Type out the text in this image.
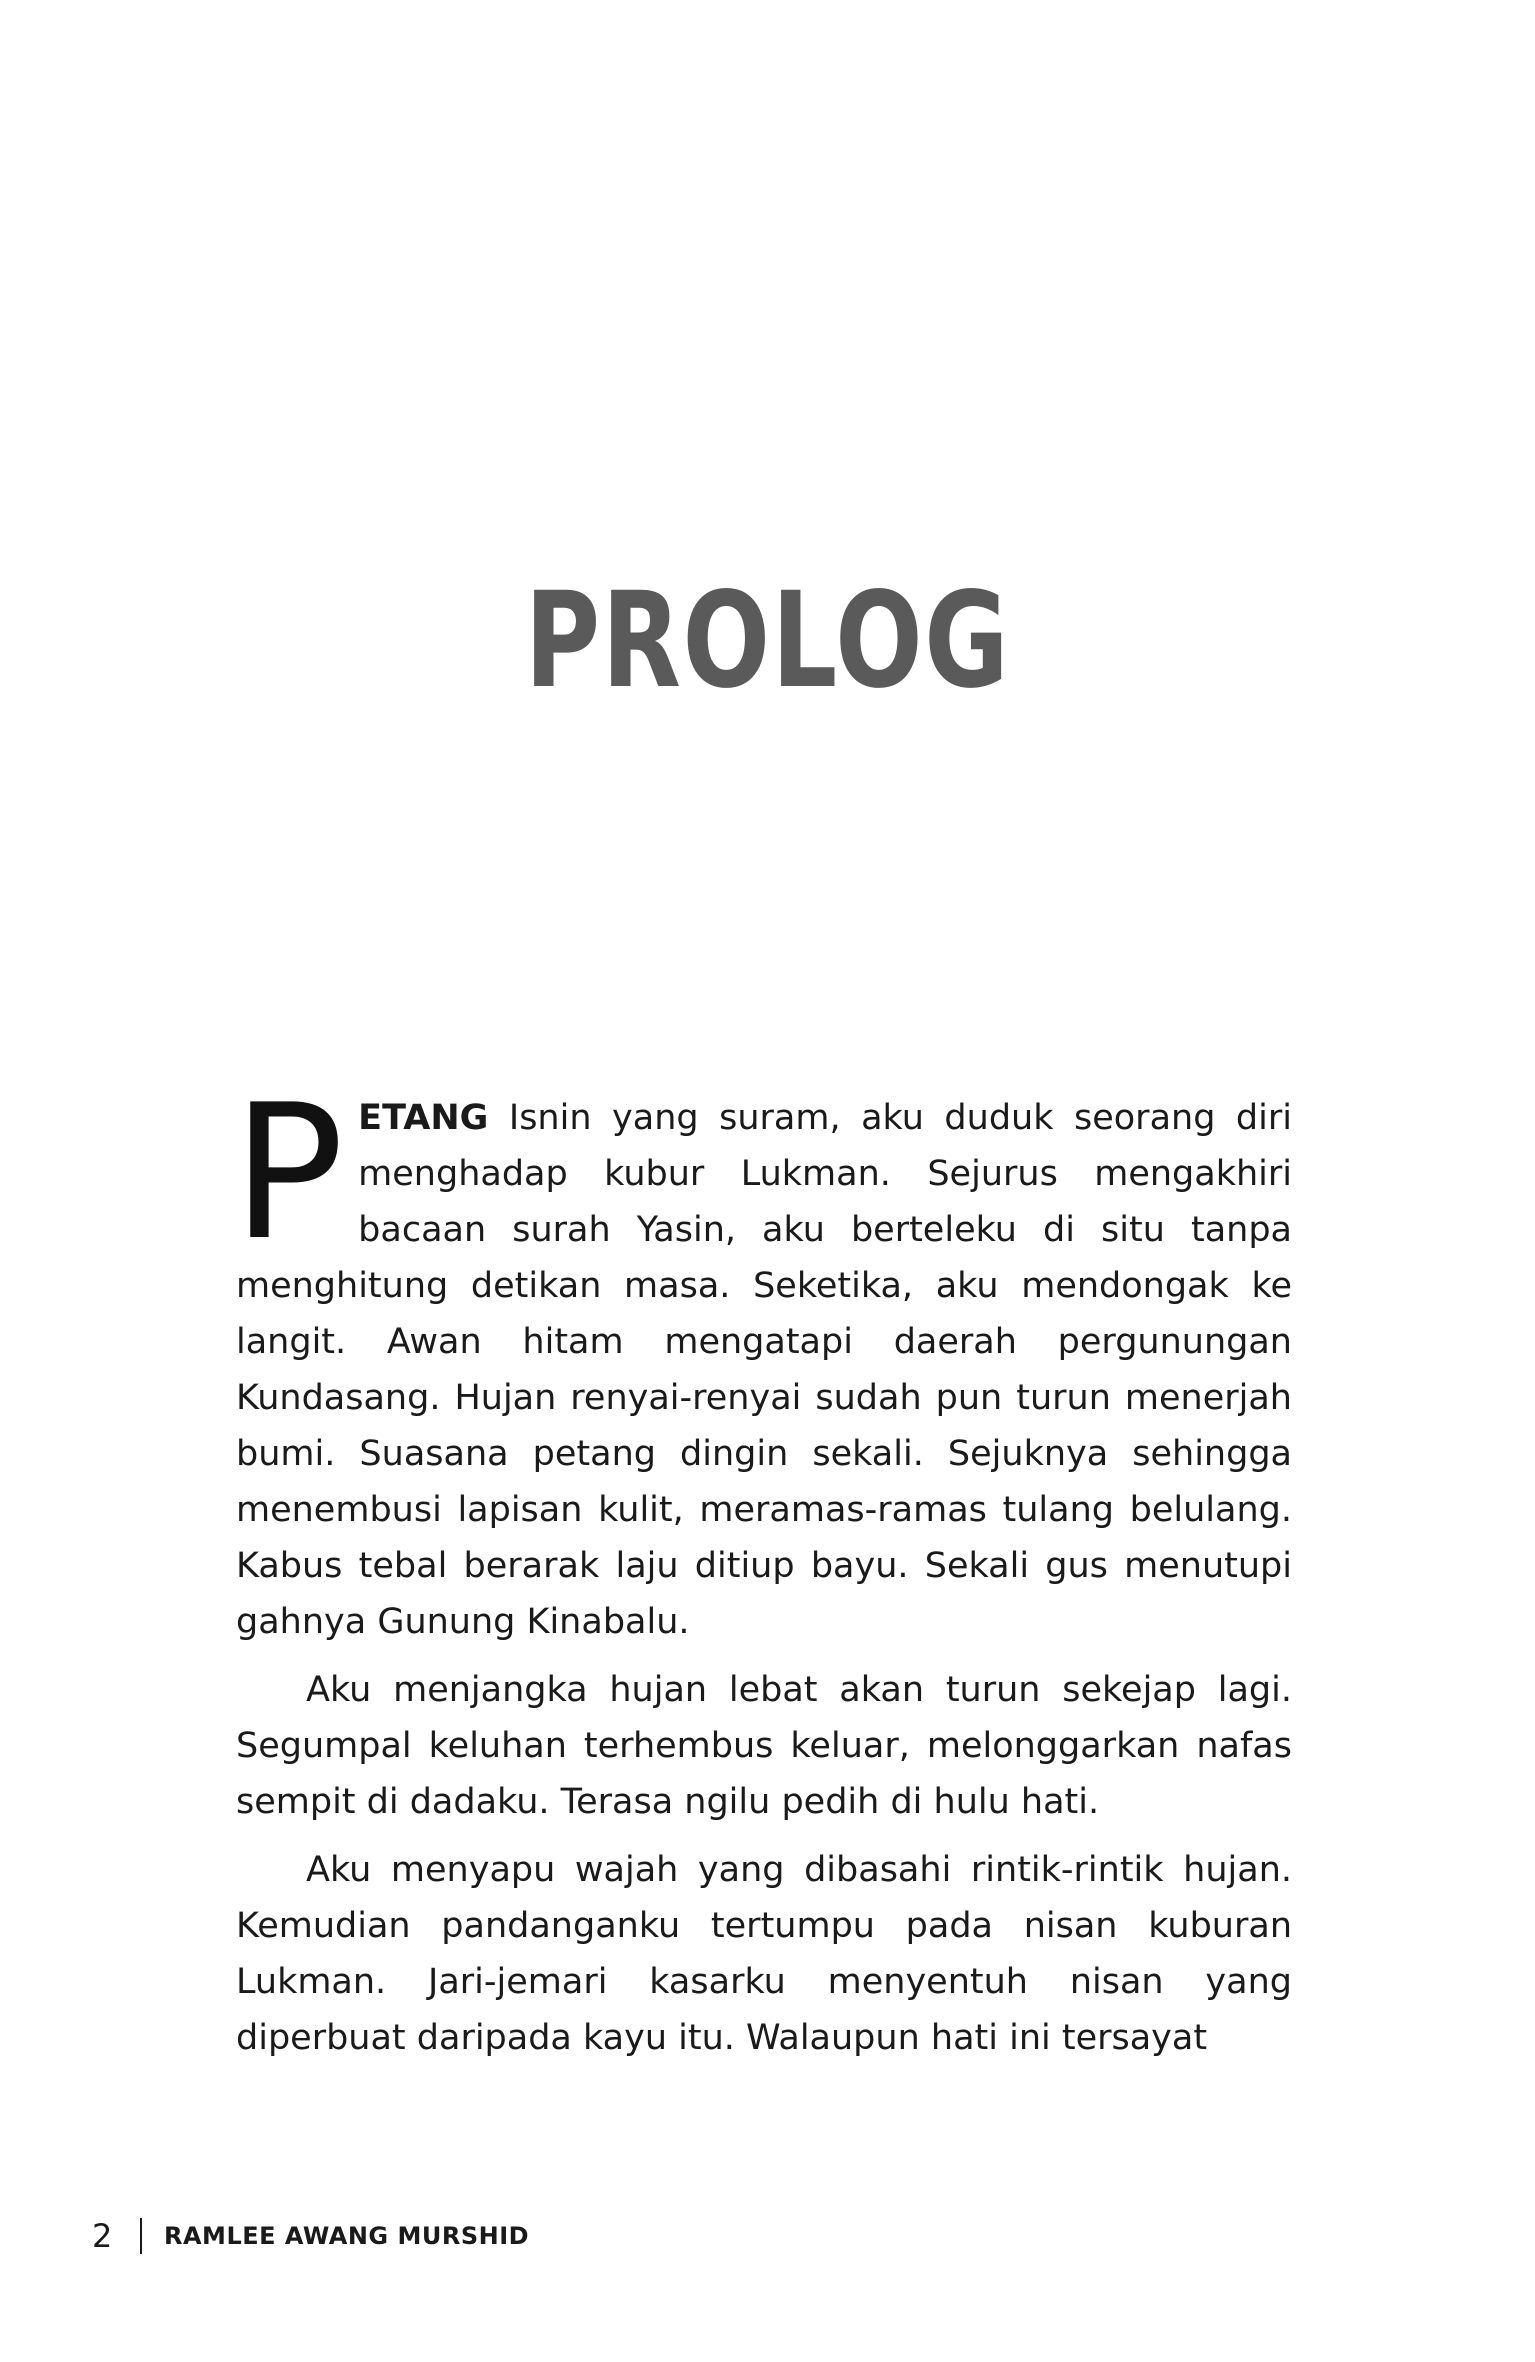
PROLOG

PETANG Isnin yang suram, aku duduk seorang diri menghadap kubur Lukman. Sejurus mengakhiri bacaan surah Yasin, aku berteleku di situ tanpa menghitung detikan masa. Seketika, aku mendongak ke langit. Awan hitam mengatapi daerah pergunungan Kundasang. Hujan renyai-renyai sudah pun turun menerjah bumi. Suasana petang dingin sekali. Sejuknya sehingga menembusi lapisan kulit, meramas-ramas tulang belulang. Kabus tebal berarak laju ditiup bayu. Sekali gus menutupi gahnya Gunung Kinabalu.

Aku menjangka hujan lebat akan turun sekejap lagi. Segumpal keluhan terhembus keluar, melonggarkan nafas sempit di dadaku. Terasa ngilu pedih di hulu hati.

Aku menyapu wajah yang dibasahi rintik-rintik hujan. Kemudian pandanganku tertumpu pada nisan kuburan Lukman. Jari-jemari kasarku menyentuh nisan yang diperbuat daripada kayu itu. Walaupun hati ini tersayat

2	RAMLEE AWANG MURSHID
